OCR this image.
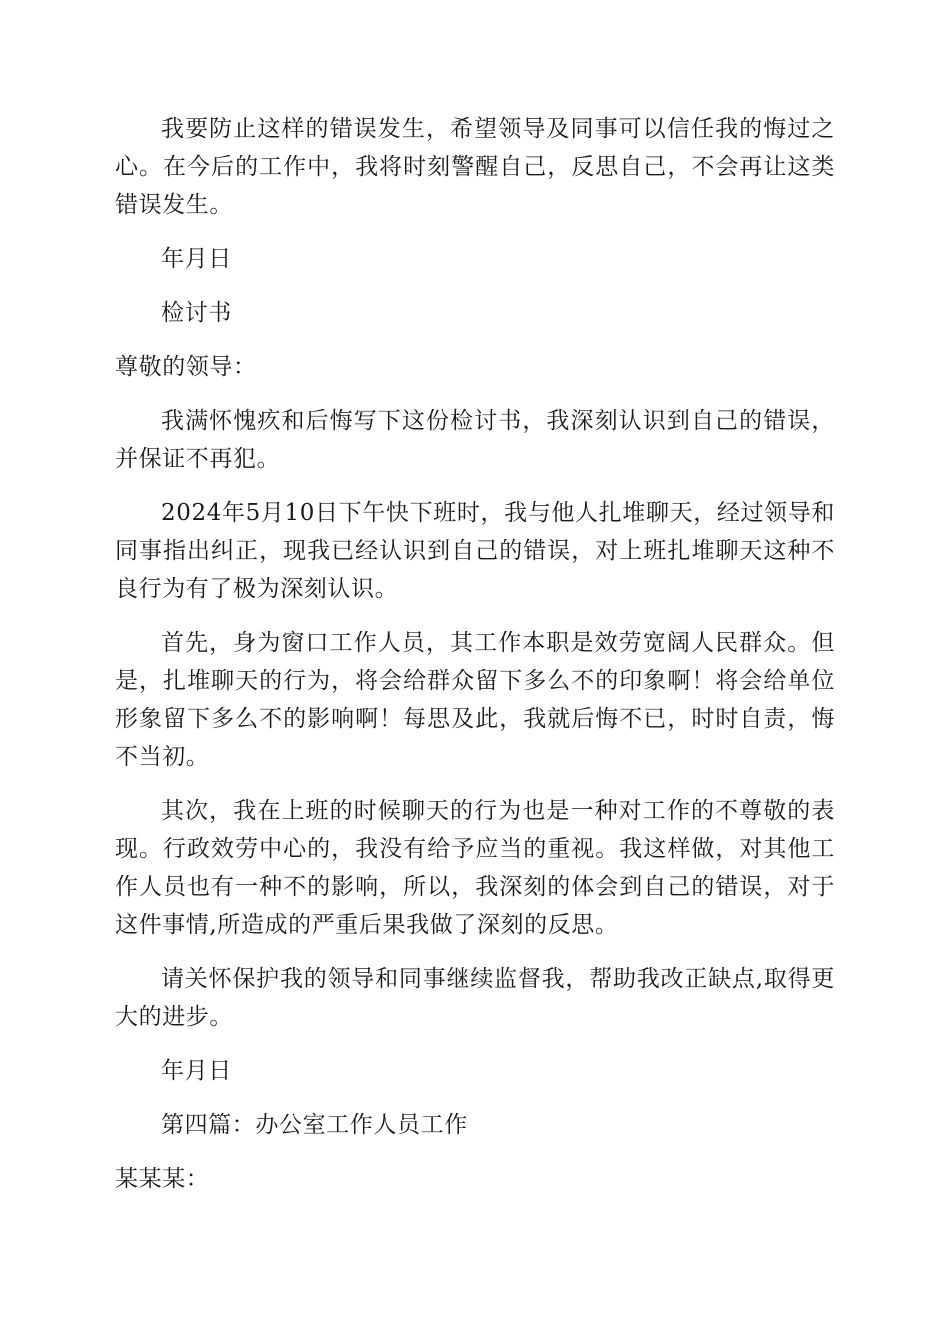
我要防止这样的错误发生，希望领导及同事可以信任我的悔过之心。在今后的工作中，我将时刻警醒自己，反思自己，不会再让这类错误发生。

年月日

检讨书

尊敬的领导：

我满怀愧疚和后悔写下这份检讨书，我深刻认识到自己的错误，并保证不再犯。

2024年5月10日下午快下班时，我与他人扎堆聊天，经过领导和同事指出纠正，现我已经认识到自己的错误，对上班扎堆聊天这种不良行为有了极为深刻认识。

首先，身为窗口工作人员，其工作本职是效劳宽阔人民群众。但是，扎堆聊天的行为，将会给群众留下多么不的印象啊！将会给单位形象留下多么不的影响啊！每思及此，我就后悔不已，时时自责，悔不当初。

其次，我在上班的时候聊天的行为也是一种对工作的不尊敬的表现。行政效劳中心的，我没有给予应当的重视。我这样做，对其他工作人员也有一种不的影响，所以，我深刻的体会到自己的错误，对于这件事情,所造成的严重后果我做了深刻的反思。

请关怀保护我的领导和同事继续监督我，帮助我改正缺点,取得更大的进步。

年月日

第四篇：办公室工作人员工作

某某某：
